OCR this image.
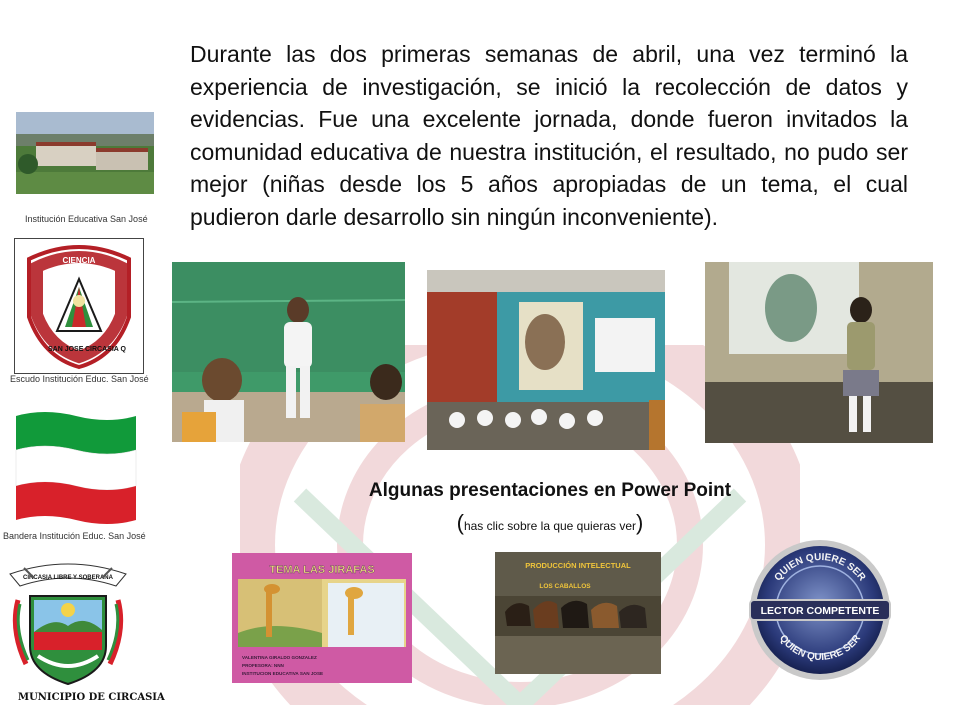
Institución Educativa San José
CIENCIA
SAN JOSE CIRCASIA Q
Escudo Institución Educ. San José
Bandera Institución Educ. San José
CIRCASIA LIBRE Y SOBERANA
MUNICIPIO DE CIRCASIA
Durante las dos primeras semanas de abril, una vez terminó la experiencia de investigación, se inició la recolección de datos y evidencias. Fue una excelente jornada, donde fueron invitados la comunidad educativa de nuestra institución, el resultado, no pudo ser mejor (niñas desde los 5 años apropiadas de un tema, el cual pudieron darle desarrollo sin ningún inconveniente).
Algunas presentaciones en Power Point
(has clic sobre la que quieras ver)
TEMA LAS JIRAFAS
VALENTINA GIRALDO GONZALEZ
PROFESORA: NNN
INSTITUCION EDUCATIVA SAN JOSE
PRODUCCIÓN INTELECTUAL
LOS CABALLOS
QUIEN QUIERE SER
QUIEN QUIERE SER
LECTOR COMPETENTE
